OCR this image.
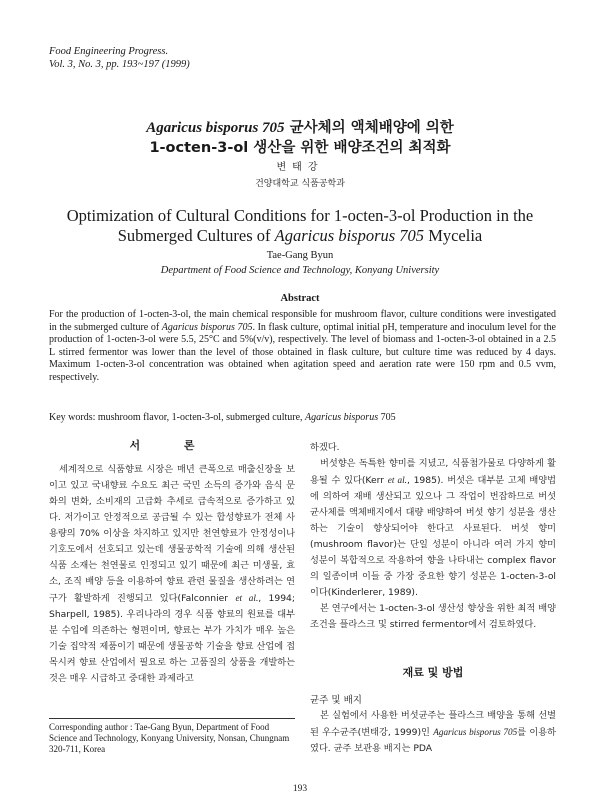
Food Engineering Progress.
Vol. 3, No. 3, pp. 193~197 (1999)
Agaricus bisporus 705 균사체의 액체배양에 의한
1-octen-3-ol 생산을 위한 배양조건의 최적화
변태강
건양대학교 식품공학과
Optimization of Cultural Conditions for 1-octen-3-ol Production in the
Submerged Cultures of Agaricus bisporus 705 Mycelia
Tae-Gang Byun
Department of Food Science and Technology, Konyang University
Abstract

For the production of 1-octen-3-ol, the main chemical responsible for mushroom flavor, culture conditions were investigated in the submerged culture of Agaricus bisporus 705. In flask culture, optimal initial pH, temperature and inoculum level for the production of 1-octen-3-ol were 5.5, 25°C and 5%(v/v), respectively. The level of biomass and 1-octen-3-ol obtained in a 2.5 L stirred fermentor was lower than the level of those obtained in flask culture, but culture time was reduced by 4 days. Maximum 1-octen-3-ol concentration was obtained when agitation speed and aeration rate were 150 rpm and 0.5 vvm, respectively.

Key words: mushroom flavor, 1-octen-3-ol, submerged culture, Agaricus bisporus 705

서 론

세계적으로 식품향료 시장은 매년 큰폭으로 매출신장을 보이고 있고 국내향료 수요도 최근 국민 소득의 증가와 음식 문화의 변화, 소비재의 고급화 추세로 급속적으로 증가하고 있다. 저가이고 안정적으로 공급될 수 있는 합성향료가 전체 사용량의 70% 이상을 차지하고 있지만 천연향료가 안정성이나 기호도에서 선호되고 있는데 생물공학적 기술에 의해 생산된 식품 소재는 천연물로 인정되고 있기 때문에 최근 미생물, 효소, 조직 배양 등을 이용하여 향료 관련 물질을 생산하려는 연구가 활발하게 진행되고 있다(Falconnier et al., 1994; Sharpell, 1985). 우리나라의 경우 식품 향료의 원료를 대부분 수입에 의존하는 형편이며, 향료는 부가 가치가 매우 높은 기술 집약적 제품이기 때문에 생물공학 기술을 향료 산업에 접목시켜 향료 산업에서 필요로 하는 고품질의 상품을 개발하는 것은 매우 시급하고 중대한 과제라고

하겠다.

버섯향은 독특한 향미를 지녔고, 식품첨가물로 다양하게 활용될 수 있다(Kerr et al., 1985). 버섯은 대부분 고체 배양법에 의하여 재배 생산되고 있으나 그 작업이 번잡하므로 버섯 균사체를 액체배지에서 대량 배양하여 버섯 향기 성분을 생산하는 기술이 향상되어야 한다고 사료된다. 버섯 향미(mushroom flavor)는 단일 성분이 아니라 여러 가지 향미 성분이 복합적으로 작용하여 향을 나타내는 complex flavor의 일종이며 이들 중 가장 중요한 향기 성분은 1-octen-3-ol 이다(Kinderlerer, 1989).

본 연구에서는 1-octen-3-ol 생산성 향상을 위한 최적 배양조건을 플라스크 및 stirred fermentor에서 검토하였다.

재료 및 방법
균주 및 배지

본 실험에서 사용한 버섯균주는 플라스크 배양을 통해 선별된 우수균주(변태강, 1999)인 Agaricus bisporus 705를 이용하였다. 균주 보관용 배지는 PDA

Corresponding author : Tae-Gang Byun, Department of Food Science and Technology, Konyang University, Nonsan, Chungnam 320-711, Korea

193
